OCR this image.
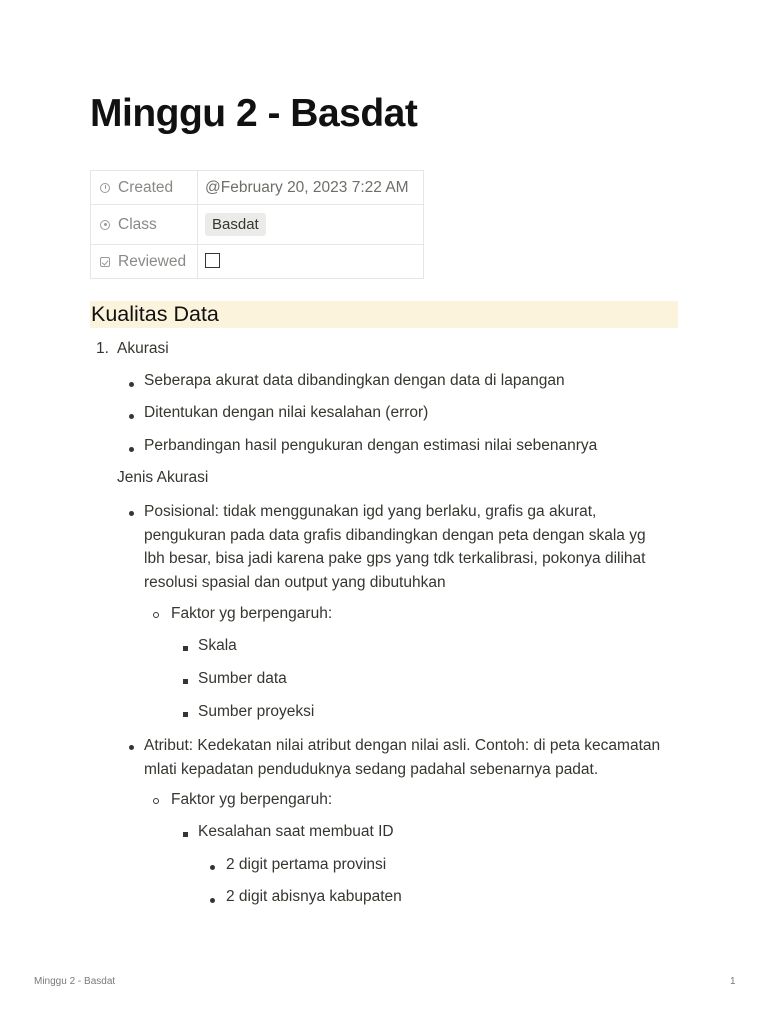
Minggu 2 - Basdat
Created	@February 20, 2023 7:22 AM
Class	Basdat
Reviewed	
Kualitas Data
1. Akurasi
Seberapa akurat data dibandingkan dengan data di lapangan
Ditentukan dengan nilai kesalahan (error)
Perbandingan hasil pengukuran dengan estimasi nilai sebenanrya
Jenis Akurasi
Posisional: tidak menggunakan igd yang berlaku, grafis ga akurat,
pengukuran pada data grafis dibandingkan dengan peta dengan skala yg
lbh besar, bisa jadi karena pake gps yang tdk terkalibrasi, pokonya dilihat
resolusi spasial dan output yang dibutuhkan
Faktor yg berpengaruh:
Skala
Sumber data
Sumber proyeksi
Atribut: Kedekatan nilai atribut dengan nilai asli. Contoh: di peta kecamatan
mlati kepadatan penduduknya sedang padahal sebenarnya padat.
Faktor yg berpengaruh:
Kesalahan saat membuat ID
2 digit pertama provinsi
2 digit abisnya kabupaten
Minggu 2 - Basdat	1
